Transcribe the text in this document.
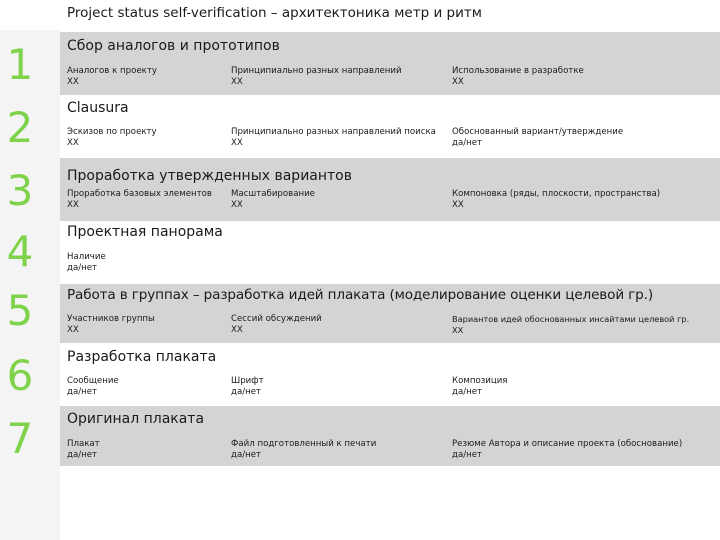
Project status self-verification – архитектоника метр и ритм
1	Сбор аналогов и прототипов
Аналогов к проекту
ХХ
Принципиально разных направлений
ХХ
Использование в разработке
ХХ
2	Clausura
Эскизов по проекту
ХХ
Принципиально разных направлений поиска
ХХ
Обоснованный вариант/утверждение
да/нет
3	Проработка утвержденных вариантов
Проработка базовых элементов
ХХ
Масштабирование
ХХ
Компоновка (ряды, плоскости, пространства)
ХХ
4	Проектная панорама
Наличие
да/нет
5	Работа в группах – разработка идей плаката (моделирование оценки целевой гр.)
Участников группы
ХХ
Сессий обсуждений
ХХ
Вариантов идей обоснованных инсайтами целевой гр.
ХХ
6	Разработка плаката
Сообщение
да/нет
Шрифт
да/нет
Композиция
да/нет
7	Оригинал плаката
Плакат
да/нет
Файл подготовленный к печати
да/нет
Резюме Автора и описание проекта (обоснование)
да/нет
